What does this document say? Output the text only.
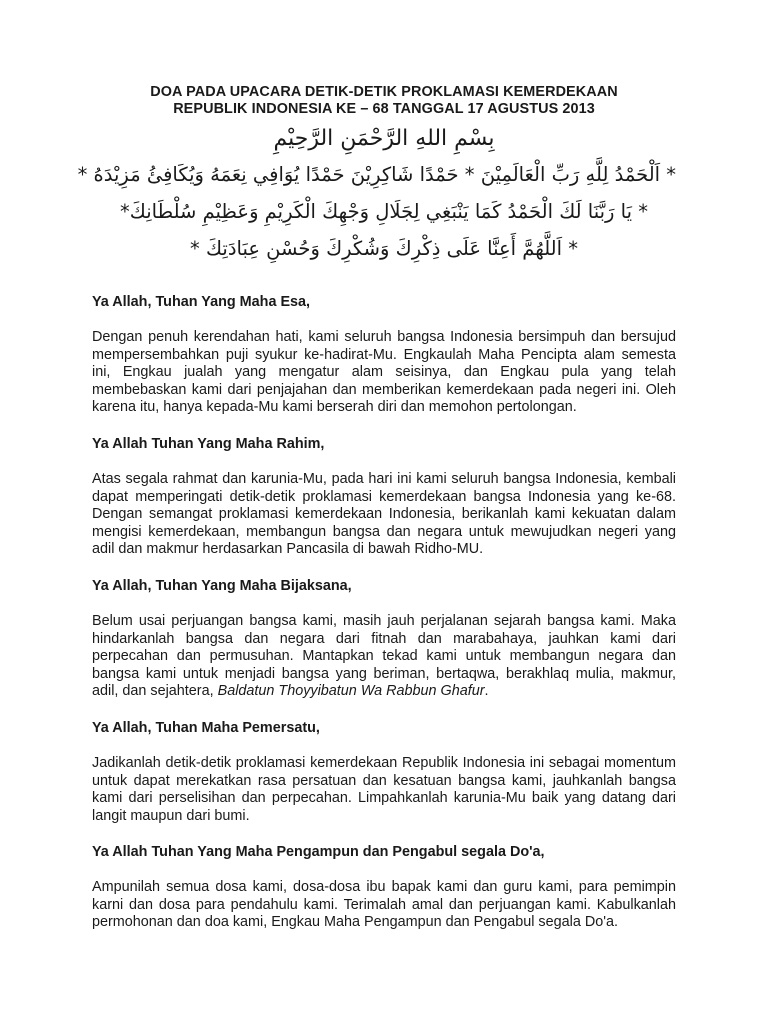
DOA PADA UPACARA DETIK-DETIK PROKLAMASI KEMERDEKAAN

REPUBLIK INDONESIA KE – 68 TANGGAL 17 AGUSTUS 2013

بِسْمِ اللهِ الرَّحْمَنِ الرَّحِيْمِ

* اَلْحَمْدُ لِلَّهِ رَبِّ الْعَالَمِيْنَ * حَمْدًا شَاكِرِيْنَ حَمْدًا يُوَافِي نِعَمَهُ وَيُكَافِئُ مَزِيْدَهُ *

* يَا رَبَّنَا لَكَ الْحَمْدُ كَمَا يَنْبَغِي لِجَلَالِ وَجْهِكَ الْكَرِيْمِ وَعَظِيْمِ سُلْطَانِكَ*

* اَللَّهُمَّ أَعِنَّا عَلَى ذِكْرِكَ وَشُكْرِكَ وَحُسْنِ عِبَادَتِكَ *

Ya Allah, Tuhan Yang Maha Esa,

Dengan penuh kerendahan hati, kami seluruh bangsa Indonesia bersimpuh dan bersujud mempersembahkan puji syukur ke-hadirat-Mu. Engkaulah Maha Pencipta alam semesta ini, Engkau jualah yang mengatur alam seisinya, dan Engkau pula yang telah membebaskan kami dari penjajahan dan memberikan kemerdekaan pada negeri ini. Oleh karena itu, hanya kepada-Mu kami berserah diri dan memohon pertolongan.

Ya Allah Tuhan Yang Maha Rahim,

Atas segala rahmat dan karunia-Mu, pada hari ini kami seluruh bangsa Indonesia, kembali dapat memperingati detik-detik proklamasi kemerdekaan bangsa Indonesia yang ke-68. Dengan semangat proklamasi kemerdekaan Indonesia, berikanlah kami kekuatan dalam mengisi kemerdekaan, membangun bangsa dan negara untuk mewujudkan negeri yang adil dan makmur herdasarkan Pancasila di bawah Ridho-MU.

Ya Allah, Tuhan Yang Maha Bijaksana,

Belum usai perjuangan bangsa kami, masih jauh perjalanan sejarah bangsa kami. Maka hindarkanlah bangsa dan negara dari fitnah dan marabahaya, jauhkan kami dari perpecahan dan permusuhan. Mantapkan tekad kami untuk membangun negara dan bangsa kami untuk menjadi bangsa yang beriman, bertaqwa, berakhlaq mulia, makmur, adil, dan sejahtera, Baldatun Thoyyibatun Wa Rabbun Ghafur.

Ya Allah, Tuhan Maha Pemersatu,

Jadikanlah detik-detik proklamasi kemerdekaan Republik Indonesia ini sebagai momentum untuk dapat merekatkan rasa persatuan dan kesatuan bangsa kami, jauhkanlah bangsa kami dari perselisihan dan perpecahan. Limpahkanlah karunia-Mu baik yang datang dari langit maupun dari bumi.

Ya Allah Tuhan Yang Maha Pengampun dan Pengabul segala Do'a,

Ampunilah semua dosa kami, dosa-dosa ibu bapak kami dan guru kami, para pemimpin karni dan dosa para pendahulu kami. Terimalah amal dan perjuangan kami. Kabulkanlah permohonan dan doa kami, Engkau Maha Pengampun dan Pengabul segala Do'a.
